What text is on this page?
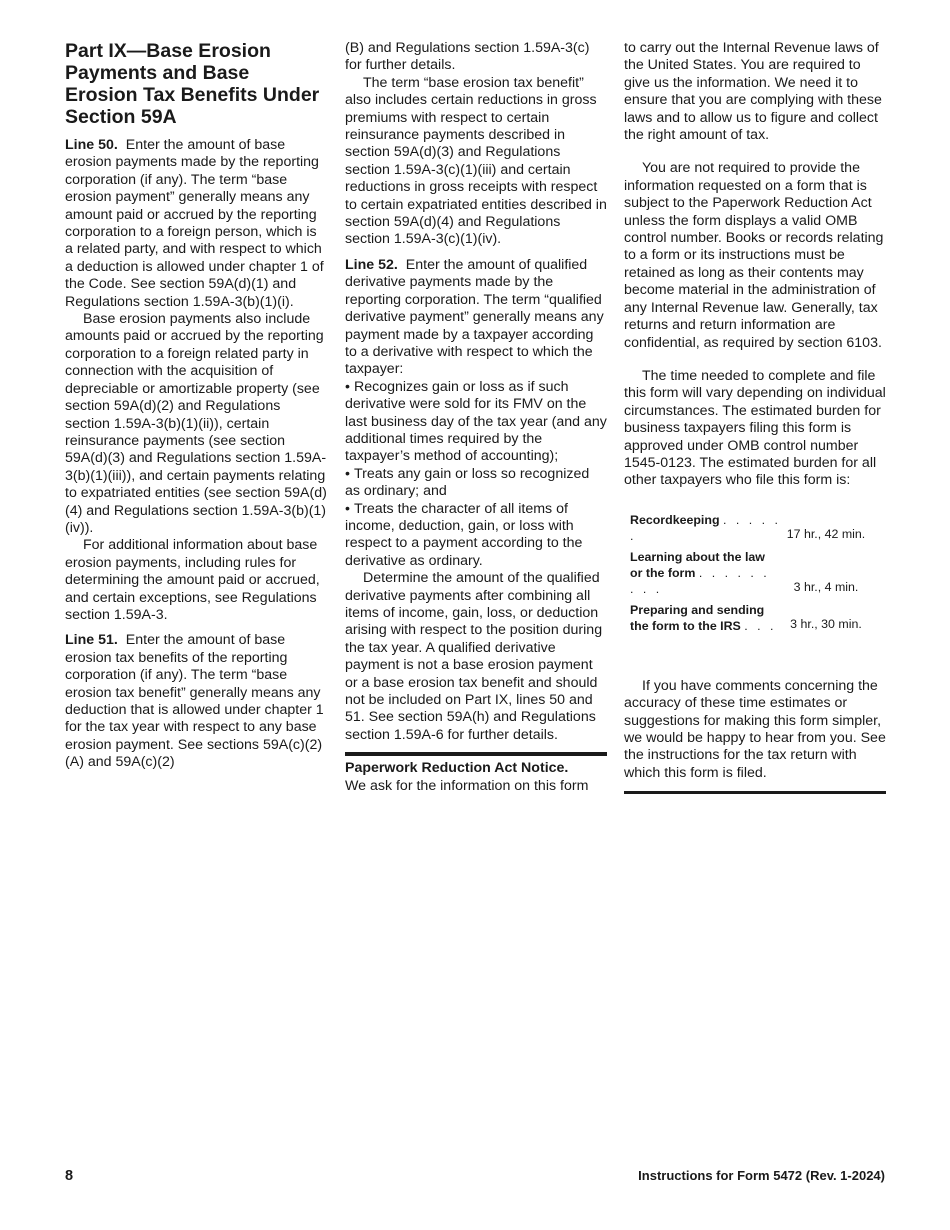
Part IX—Base Erosion Payments and Base Erosion Tax Benefits Under Section 59A

Line 50. Enter the amount of base erosion payments made by the reporting corporation (if any). The term “base erosion payment” generally means any amount paid or accrued by the reporting corporation to a foreign person, which is a related party, and with respect to which a deduction is allowed under chapter 1 of the Code. See section 59A(d)(1) and Regulations section 1.59A-3(b)(1)(i).

Base erosion payments also include amounts paid or accrued by the reporting corporation to a foreign related party in connection with the acquisition of depreciable or amortizable property (see section 59A(d)(2) and Regulations section 1.59A-3(b)(1)(ii)), certain reinsurance payments (see section 59A(d)(3) and Regulations section 1.59A-3(b)(1)(iii)), and certain payments relating to expatriated entities (see section 59A(d)(4) and Regulations section 1.59A-3(b)(1)(iv)).

For additional information about base erosion payments, including rules for determining the amount paid or accrued, and certain exceptions, see Regulations section 1.59A-3.

Line 51. Enter the amount of base erosion tax benefits of the reporting corporation (if any). The term “base erosion tax benefit” generally means any deduction that is allowed under chapter 1 for the tax year with respect to any base erosion payment. See sections 59A(c)(2)(A) and 59A(c)(2)

(B) and Regulations section 1.59A-3(c) for further details.

The term “base erosion tax benefit” also includes certain reductions in gross premiums with respect to certain reinsurance payments described in section 59A(d)(3) and Regulations section 1.59A-3(c)(1)(iii) and certain reductions in gross receipts with respect to certain expatriated entities described in section 59A(d)(4) and Regulations section 1.59A-3(c)(1)(iv).

Line 52. Enter the amount of qualified derivative payments made by the reporting corporation. The term “qualified derivative payment” generally means any payment made by a taxpayer according to a derivative with respect to which the taxpayer:

• Recognizes gain or loss as if such derivative were sold for its FMV on the last business day of the tax year (and any additional times required by the taxpayer’s method of accounting);

• Treats any gain or loss so recognized as ordinary; and

• Treats the character of all items of income, deduction, gain, or loss with respect to a payment according to the derivative as ordinary.

Determine the amount of the qualified derivative payments after combining all items of income, gain, loss, or deduction arising with respect to the position during the tax year. A qualified derivative payment is not a base erosion payment or a base erosion tax benefit and should not be included on Part IX, lines 50 and 51. See section 59A(h) and Regulations section 1.59A-6 for further details.

Paperwork Reduction Act Notice.
We ask for the information on this form

to carry out the Internal Revenue laws of the United States. You are required to give us the information. We need it to ensure that you are complying with these laws and to allow us to figure and collect the right amount of tax.

You are not required to provide the information requested on a form that is subject to the Paperwork Reduction Act unless the form displays a valid OMB control number. Books or records relating to a form or its instructions must be retained as long as their contents may become material in the administration of any Internal Revenue law. Generally, tax returns and return information are confidential, as required by section 6103.

The time needed to complete and file this form will vary depending on individual circumstances. The estimated burden for business taxpayers filing this form is approved under OMB control number 1545-0123. The estimated burden for all other taxpayers who file this form is:

Recordkeeping . . . . . .	17 hr., 42 min.
Learning about the law
or the form . . . . . . . . .	3 hr., 4 min.
Preparing and sending
the form to the IRS . . .	3 hr., 30 min.

If you have comments concerning the accuracy of these time estimates or suggestions for making this form simpler, we would be happy to hear from you. See the instructions for the tax return with which this form is filed.

8	Instructions for Form 5472 (Rev. 1-2024)
